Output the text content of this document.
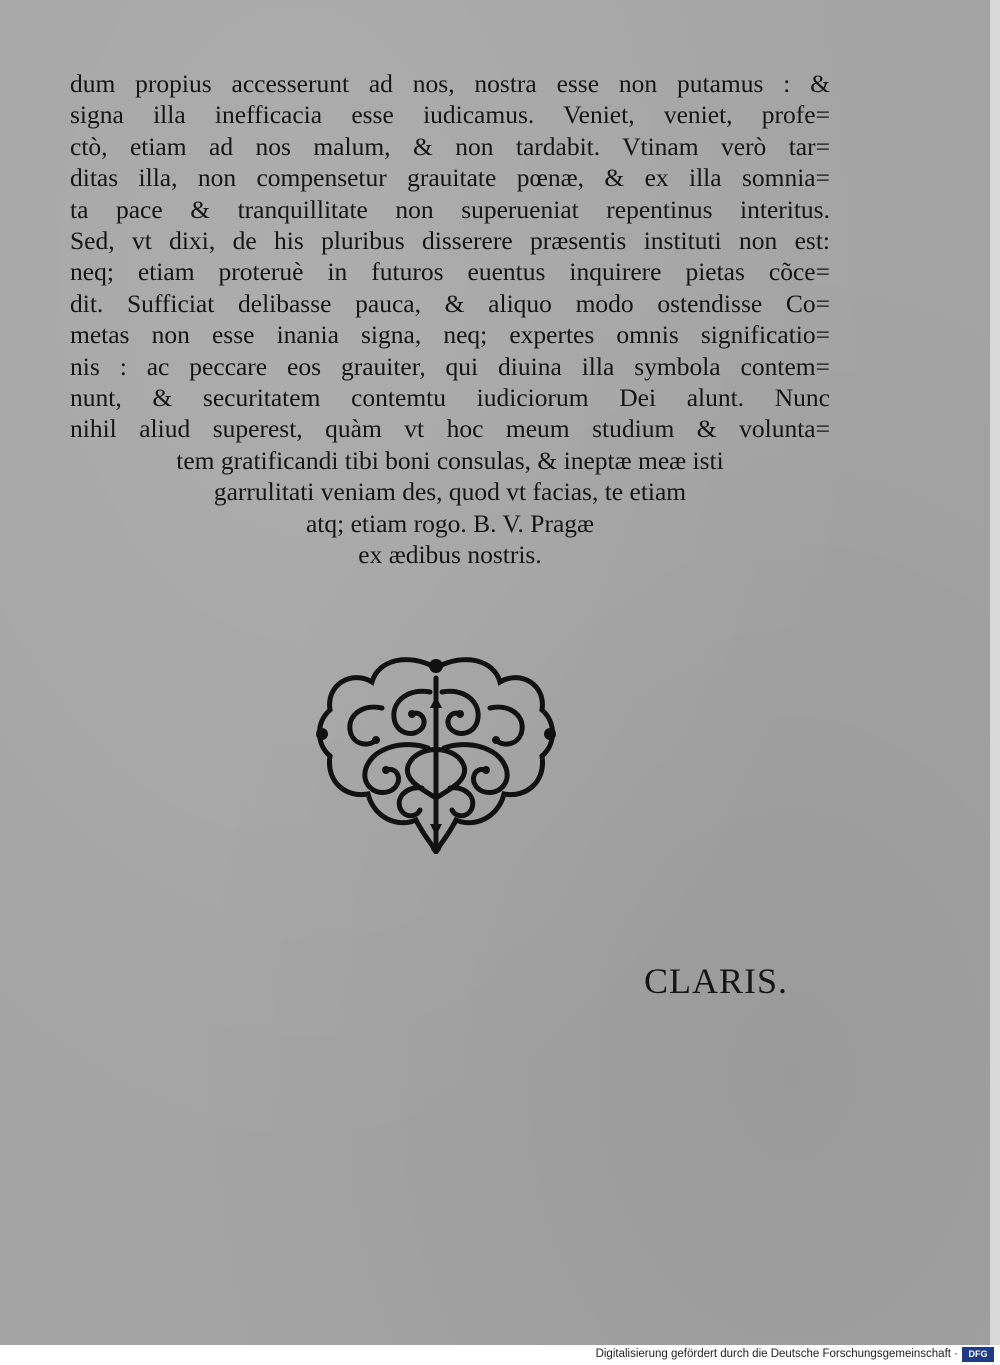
dum propius accesserunt ad nos, nostra esse non putamus : &
signa illa inefficacia esse iudicamus. Veniet, veniet, profe=
ctò, etiam ad nos malum, & non tardabit. Vtinam verò tar=
ditas illa, non compensetur grauitate pœnæ, & ex illa somnia=
ta pace & tranquillitate non superueniat repentinus interitus.
Sed, vt dixi, de his pluribus disserere præsentis instituti non est:
neq; etiam proteruè in futuros euentus inquirere pietas cõce=
dit. Sufficiat delibasse pauca, & aliquo modo ostendisse Co=
metas non esse inania signa, neq; expertes omnis significatio=
nis : ac peccare eos grauiter, qui diuina illa symbola contem=
nunt, & securitatem contemtu iudiciorum Dei alunt. Nunc
nihil aliud superest, quàm vt hoc meum studium & volunta=
tem gratificandi tibi boni consulas, & ineptæ meæ isti
garrulitati veniam des, quod vt facias, te etiam
atq; etiam rogo. B. V. Pragæ
ex ædibus nostris.
CLARIS.
Digitalisierung gefördert durch die Deutsche Forschungsgemeinschaft ·	DFG
